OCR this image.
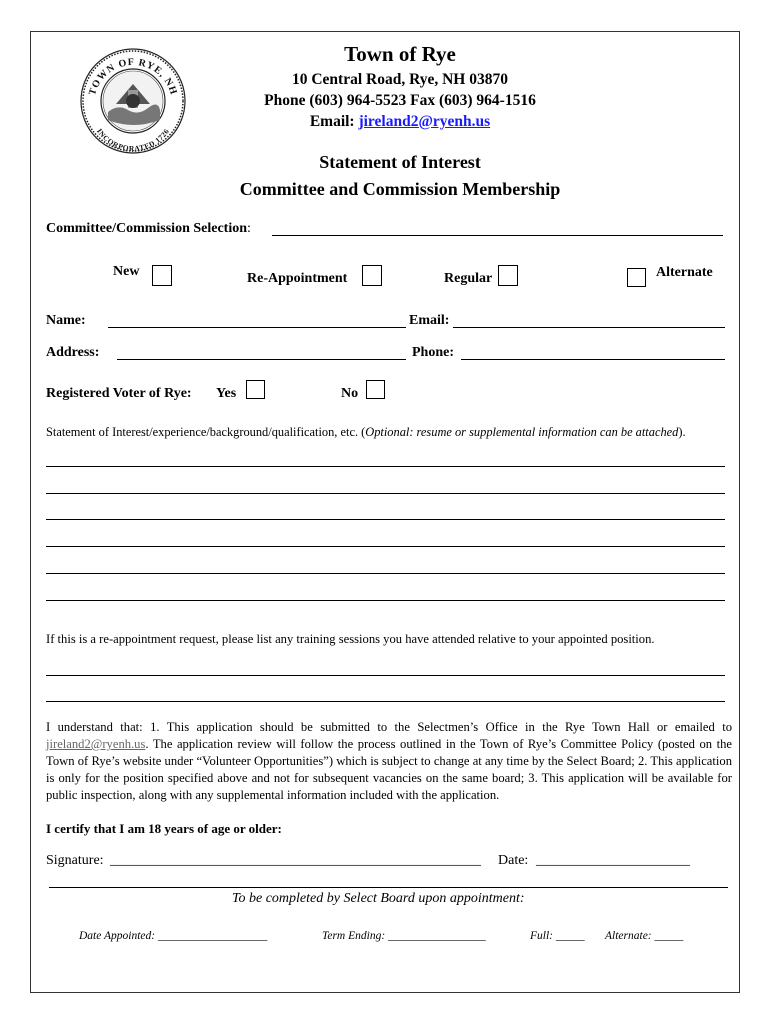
TOWN OF RYE, NH
INCORPORATED 1726
Town of Rye
10 Central Road, Rye, NH 03870
Phone (603) 964-5523 Fax (603) 964-1516
Email: jireland2@ryenh.us
Statement of Interest
Committee and Commission Membership
Committee/Commission Selection:
New	Re-Appointment	Regular	Alternate
Name:	Email:
Address:	Phone:
Registered Voter of Rye: Yes	No
Statement of Interest/experience/background/qualification, etc. (Optional: resume or supplemental information can be attached).
If this is a re-appointment request, please list any training sessions you have attended relative to your appointed position.
I understand that: 1. This application should be submitted to the Selectmen’s Office in the Rye Town Hall or emailed to jireland2@ryenh.us. The application review will follow the process outlined in the Town of Rye’s Committee Policy (posted on the Town of Rye’s website under “Volunteer Opportunities”) which is subject to change at any time by the Select Board; 2. This application is only for the position specified above and not for subsequent vacancies on the same board; 3. This application will be available for public inspection, along with any supplemental information included with the application.
I certify that I am 18 years of age or older:
Signature: _____________________________________________________ Date: ______________________
To be completed by Select Board upon appointment:
Date Appointed: ___________________	Term Ending: _________________	Full: _____ Alternate: _____
